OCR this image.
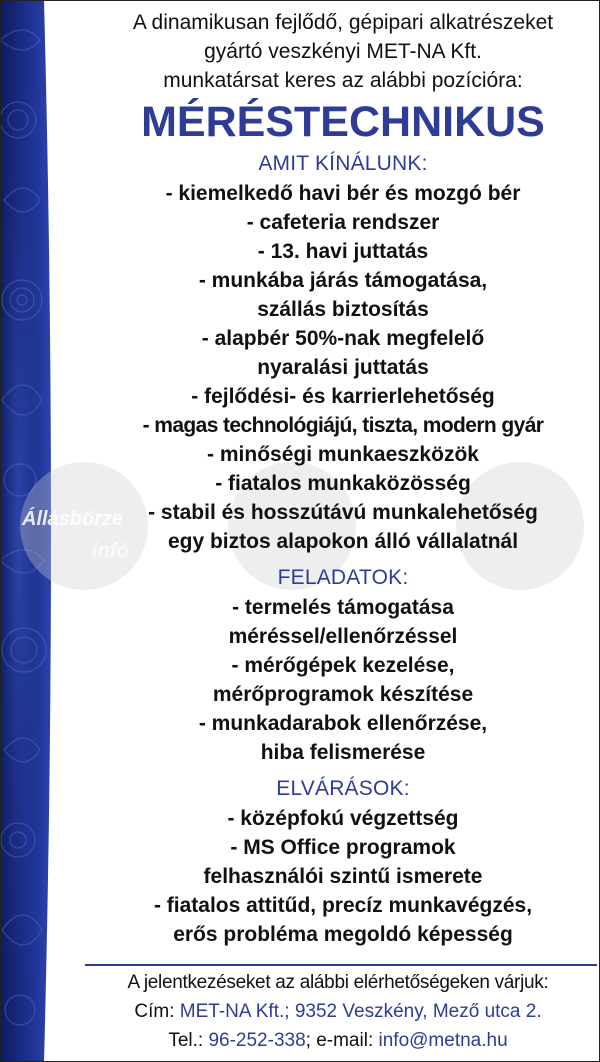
Állásbörze
infó
A dinamikusan fejlődő, gépipari alkatrészeket
gyártó veszkényi MET-NA Kft.
munkatársat keres az alábbi pozícióra:
MÉRÉSTECHNIKUS
AMIT KÍNÁLUNK:
- kiemelkedő havi bér és mozgó bér
- cafeteria rendszer
- 13. havi juttatás
- munkába járás támogatása,
szállás biztosítás
- alapbér 50%-nak megfelelő
nyaralási juttatás
- fejlődési- és karrierlehetőség
- magas technológiájú, tiszta, modern gyár
- minőségi munkaeszközök
- fiatalos munkaközösség
- stabil és hosszútávú munkalehetőség
egy biztos alapokon álló vállalatnál
FELADATOK:
- termelés támogatása
méréssel/ellenőrzéssel
- mérőgépek kezelése,
mérőprogramok készítése
- munkadarabok ellenőrzése,
hiba felismerése
ELVÁRÁSOK:
- középfokú végzettség
- MS Office programok
felhasználói szintű ismerete
- fiatalos attitűd, precíz munkavégzés,
erős probléma megoldó képesség
A jelentkezéseket az alábbi elérhetőségeken várjuk:
Cím: MET-NA Kft.; 9352 Veszkény, Mező utca 2.
Tel.: 96-252-338; e-mail: info@metna.hu
